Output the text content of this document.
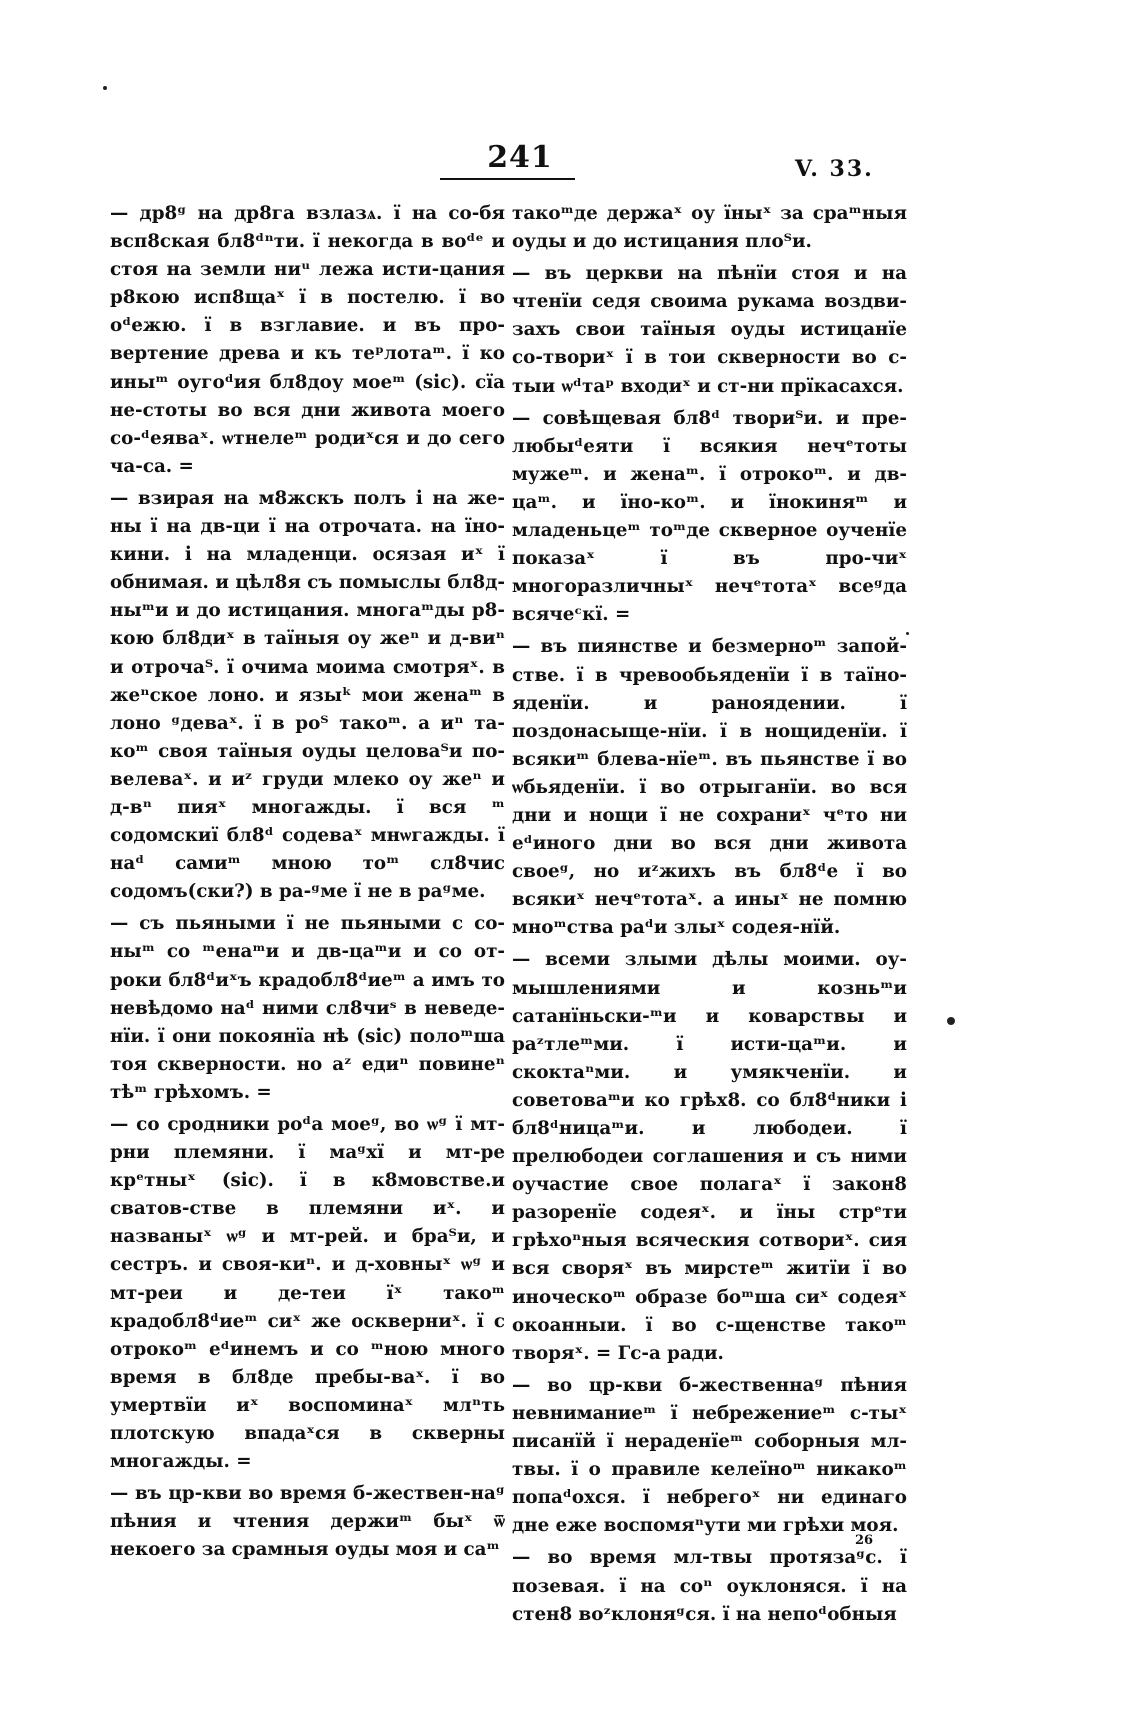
241	V. 33.

— др8ᵍ на др8га взлазѧ. ї на со-бя всп8ская бл8ᵈⁿти. ї некогда в вoᵈᵉ и стоя на земли ниᵘ лежа исти-цания р8кою исп8щаˣ ї в постелю. ї во оᵈежю. ї в взглавие. и въ про-вертение древа и къ теᵖлотаᵐ. ї ко иныᵐ оугоᵈия бл8доу моеᵐ (sic). сїа не-стоты во вся дни живота моего со-ᵈеяваˣ. ѡтнелеᵐ родиˣся и до сего ча-са. =

— взирая на м8жскъ полъ і на же-ны ї на дв-ци ї на отрочата. на їно-кини. і на младенци. осязая иˣ ї обнимая. и цѣл8я съ помыслы бл8д-ныᵐи и до истицания. многаᵐды р8-кою бл8диˣ в таїныя оу жеⁿ и д-виⁿ и отрочаᵀ. ї очима моима смотряˣ. в жеⁿское лоно. и языᵏ мои женаᵐ в лоно ᵍдеваˣ. ї в роᵀ такоᵐ. а иⁿ та-коᵐ своя таїныя оуды целоваᵀи по-велеваˣ. и иᶻ груди млеко оу жеⁿ и д-вⁿ пияˣ многажды. ї вся ᵐ содомскиї бл8ᵈ содеваˣ мнѡгажды. ї наᵈ самиᵐ мною тоᵐ сл8чис содомъ(ски?) в ра-ᵍме ї не в раᵍме.

— съ пьяными ї не пьяными с со-ныᵐ со ᵐенаᵐи и дв-цаᵐи и со от-роки бл8ᵈиˣъ крадобл8ᵈиеᵐ а имъ то невѣдомо наᵈ ними сл8чиˢ в неведе-нїи. ї они покоянїа нѣ (sic) полоᵐша тоя скверности. но аᶻ едиⁿ повинеⁿ тѣᵐ грѣхомъ. =

— со сродники роᵈа моеᵍ, во ѡᵍ ї мт-рни племяни. ї маᵍхї и мт-ре крᵉтныˣ (sic). ї в к8мовстве.и сватов-стве в племяни иˣ. и названыˣ ѡᵍ и мт-рей. и браᵀи, и сестръ. и своя-киⁿ. и д-ховныˣ ѡᵍ и мт-реи и де-теи їˣ такоᵐ крадобл8ᵈиеᵐ сиˣ же оскверниˣ. ї с отрокоᵐ еᵈинемъ и со ᵐною много время в бл8де пребы-ваˣ. ї во умертвїи иˣ воспоминаˣ млⁿть плотскую впадаˣся в скверны многажды. =

— въ цр-кви во время б-жествен-наᵍ пѣния и чтения держиᵐ быˣ ѿ некоего за срамныя оуды моя и саᵐ

такоᵐде держаˣ оу їныˣ за сраᵐныя оуды и до истицания плоᵀи.

— въ церкви на пѣнїи стоя и на чтенїи седя своима рукама воздви-захъ свои таїныя оуды истицанїе со-твориˣ ї в тои скверности во с-тыи ѡᵈтаᵖ входиˣ и ст-ни прїкасахся.

— совѣщевая бл8ᵈ твориᵀи. и пре-любыᵈеяти ї всякия нечᵉтоты мужеᵐ. и женаᵐ. ї отрокоᵐ. и дв-цаᵐ. и їно-коᵐ. и їнокиняᵐ и младеньцеᵐ тоᵐде скверное оученїе показаˣ ї въ про-чиˣ многоразличныˣ нечᵉтотаˣ всеᵍда всячеᶜкї. =

— въ пиянстве и безмерноᵐ запой-стве. ї в чревообьяденїи ї в таїно-яденїи. и раноядении. ї поздонасыще-нїи. ї в нощиденїи. ї всякиᵐ блева-нїеᵐ. въ пьянстве ї во ѡбьяденїи. ї во отрыганїи. во вся дни и нощи ї не сохраниˣ чᵉто ни еᵈиного дни во вся дни живота своеᵍ, но иᶻжихъ въ бл8ᵈе ї во всякиˣ нечᵉтотаˣ. а иныˣ не помню мноᵐства раᵈи злыˣ содея-нїй.

— всеми злыми дѣлы моими. оу-мышлениями и козньᵐи сатанїньски-ᵐи и коварствы и раᶻтлеᵐми. ї исти-цаᵐи. и скоктаⁿми. и умякченїи. и советоваᵐи ко грѣх8. со бл8ᵈники і бл8ᵈницаᵐи. и любодеи. ї прелюбодеи соглашения и съ ними оучастие свое полагаˣ ї закон8 разоренїе содеяˣ. и їны стрᵉти грѣхоⁿныя всяческия сотвориˣ. сия вся своряˣ въ мирстеᵐ житїи ї во иноческоᵐ образе боᵐша сиˣ содеяˣ окоанныи. ї во с-щенстве такоᵐ творяˣ. = Гс-а ради.

— во цр-кви б-жественнаᵍ пѣния невниманиеᵐ ї небрежениеᵐ с-тыˣ писанїй ї нераденїеᵐ соборныя мл-твы. ї о правиле келеїноᵐ никакоᵐ попаᵈохся. ї небрегоˣ ни единаго дне еже воспомяⁿути ми грѣхи моя.

— во время мл-твы протязаᵍс. ї позевая. ї на соⁿ оуклоняся. ї на стен8 воᶻклоняᵍся. ї на непоᵈобныя

26
